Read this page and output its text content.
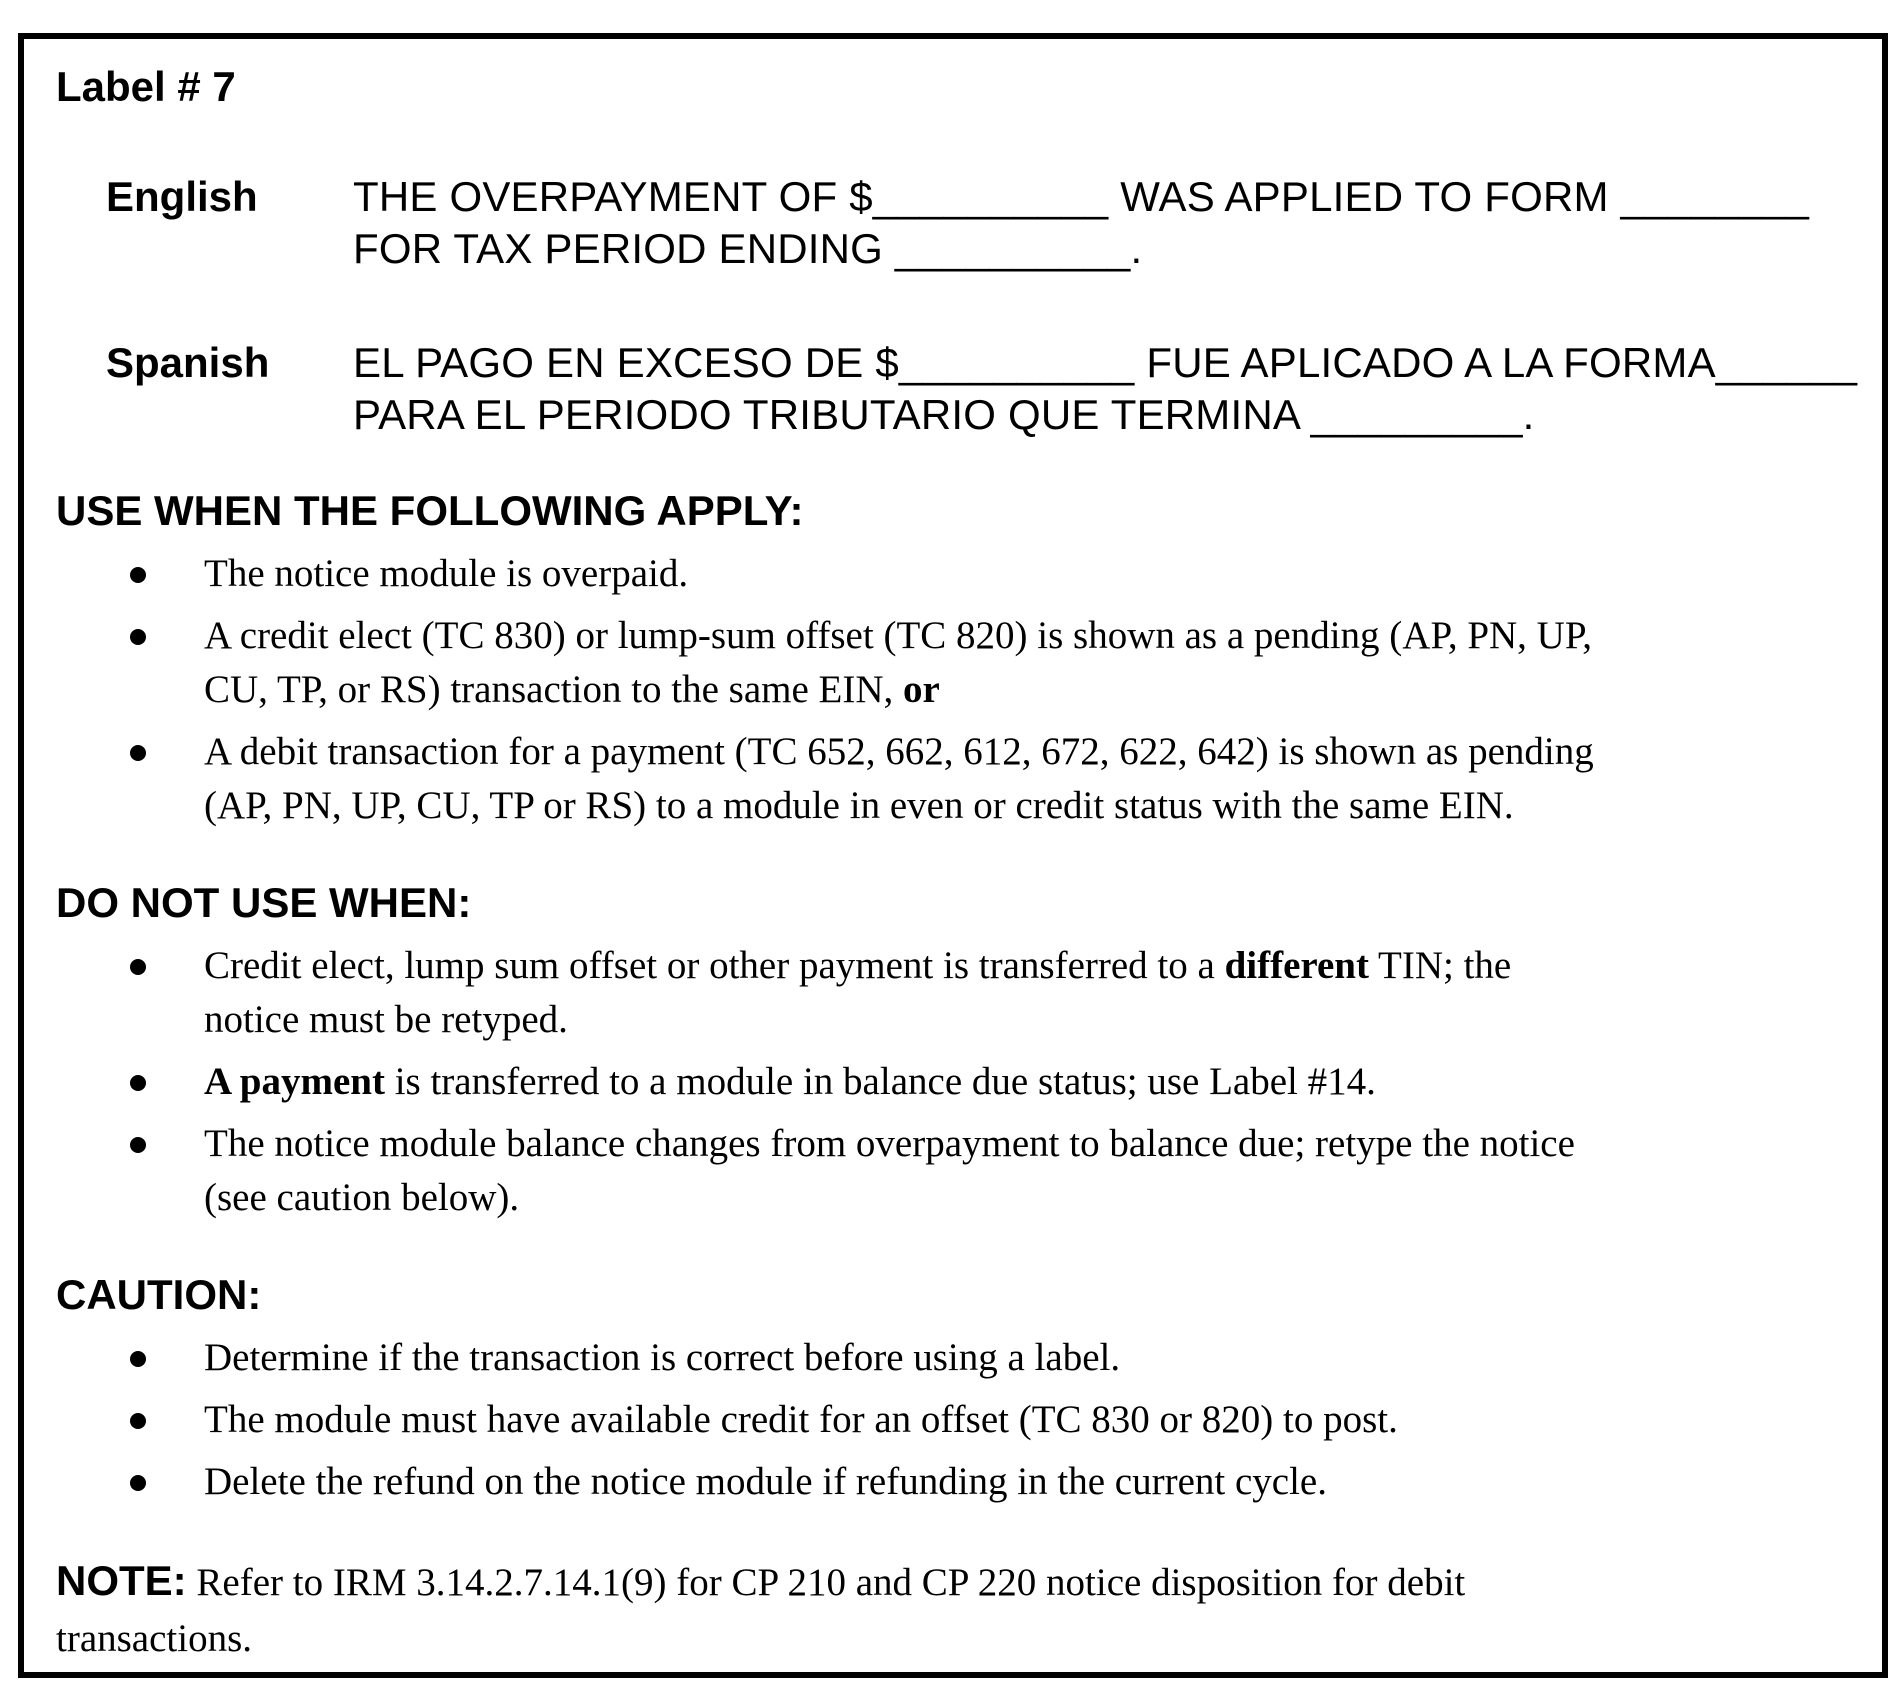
Label # 7
English	THE OVERPAYMENT OF $__________ WAS APPLIED TO FORM ________
FOR TAX PERIOD ENDING __________.
Spanish	EL PAGO EN EXCESO DE $__________ FUE APLICADO A LA FORMA______
PARA EL PERIODO TRIBUTARIO QUE TERMINA _________.
USE WHEN THE FOLLOWING APPLY:
The notice module is overpaid.
A credit elect (TC 830) or lump-sum offset (TC 820) is shown as a pending (AP, PN, UP, CU, TP, or RS) transaction to the same EIN, or
A debit transaction for a payment (TC 652, 662, 612, 672, 622, 642) is shown as pending (AP, PN, UP, CU, TP or RS) to a module in even or credit status with the same EIN.
DO NOT USE WHEN:
Credit elect, lump sum offset or other payment is transferred to a different TIN; the notice must be retyped.
A payment is transferred to a module in balance due status; use Label #14.
The notice module balance changes from overpayment to balance due; retype the notice (see caution below).
CAUTION:
Determine if the transaction is correct before using a label.
The module must have available credit for an offset (TC 830 or 820) to post.
Delete the refund on the notice module if refunding in the current cycle.
NOTE: Refer to IRM 3.14.2.7.14.1(9) for CP 210 and CP 220 notice disposition for debit transactions.
